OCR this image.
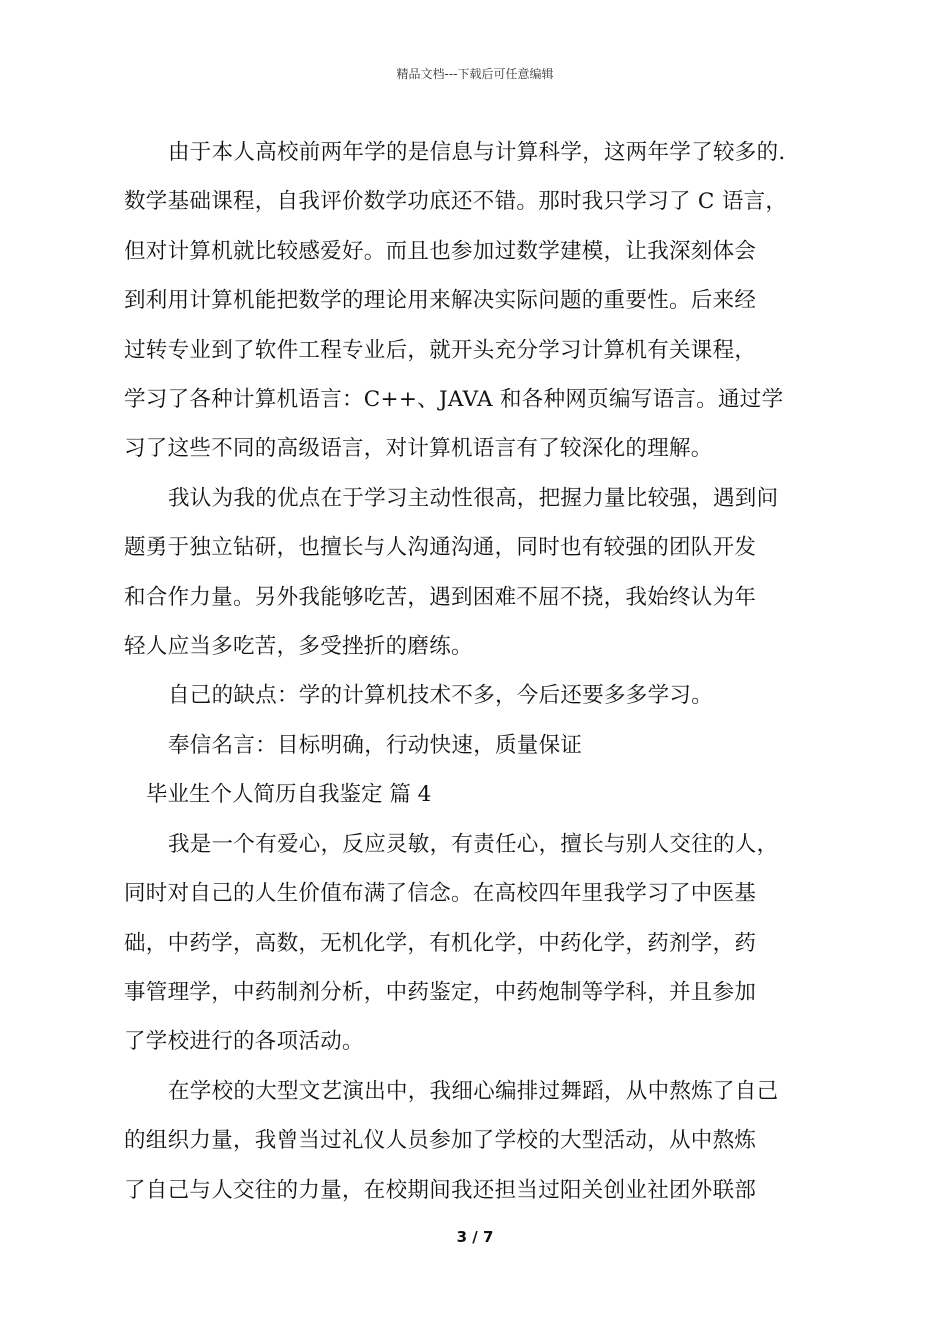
精品文档---下载后可任意编辑

由于本人高校前两年学的是信息与计算科学，这两年学了较多的.
数学基础课程，自我评价数学功底还不错。那时我只学习了 C 语言，
但对计算机就比较感爱好。而且也参加过数学建模，让我深刻体会
到利用计算机能把数学的理论用来解决实际问题的重要性。后来经
过转专业到了软件工程专业后，就开头充分学习计算机有关课程，
学习了各种计算机语言：C++、JAVA 和各种网页编写语言。通过学
习了这些不同的高级语言，对计算机语言有了较深化的理解。

我认为我的优点在于学习主动性很高，把握力量比较强，遇到问
题勇于独立钻研，也擅长与人沟通沟通，同时也有较强的团队开发
和合作力量。另外我能够吃苦，遇到困难不屈不挠，我始终认为年
轻人应当多吃苦，多受挫折的磨练。

自己的缺点：学的计算机技术不多，今后还要多多学习。

奉信名言：目标明确，行动快速，质量保证

毕业生个人简历自我鉴定 篇 4

我是一个有爱心，反应灵敏，有责任心，擅长与别人交往的人，
同时对自己的人生价值布满了信念。在高校四年里我学习了中医基
础，中药学，高数，无机化学，有机化学，中药化学，药剂学，药
事管理学，中药制剂分析，中药鉴定，中药炮制等学科，并且参加
了学校进行的各项活动。

在学校的大型文艺演出中，我细心编排过舞蹈，从中熬炼了自己
的组织力量，我曾当过礼仪人员参加了学校的大型活动，从中熬炼
了自己与人交往的力量，在校期间我还担当过阳关创业社团外联部

3 / 7
